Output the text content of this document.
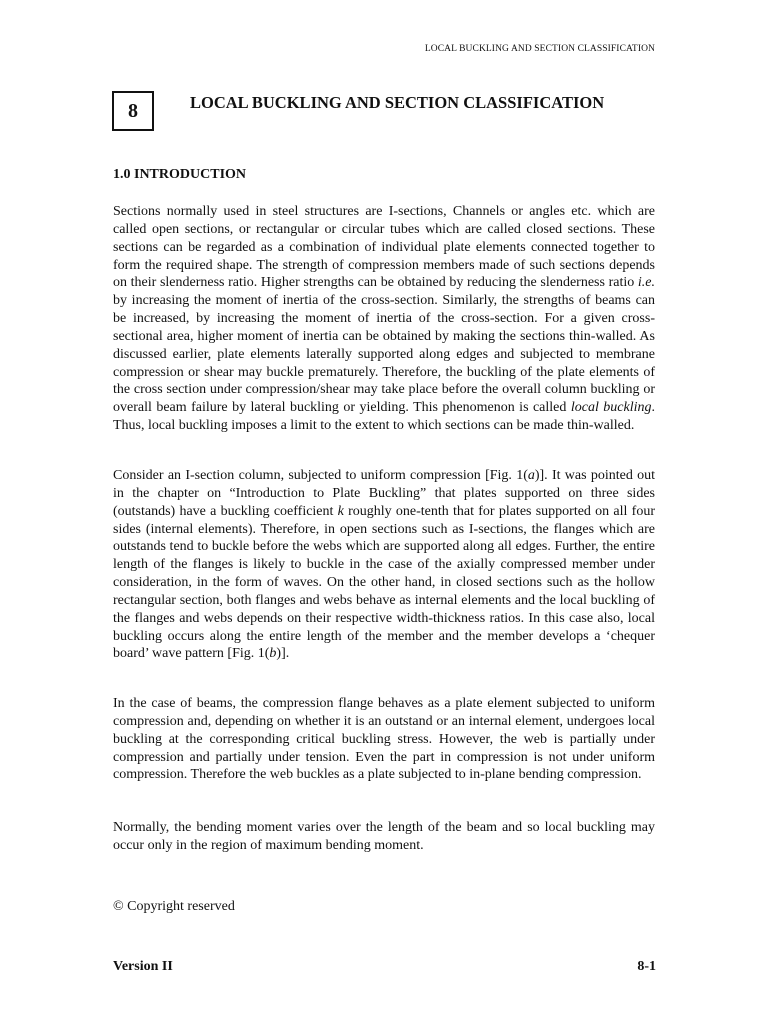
LOCAL BUCKLING AND SECTION CLASSIFICATION
8	LOCAL BUCKLING AND SECTION CLASSIFICATION
1.0 INTRODUCTION

Sections normally used in steel structures are I-sections, Channels or angles etc. which are called open sections, or rectangular or circular tubes which are called closed sections. These sections can be regarded as a combination of individual plate elements connected together to form the required shape. The strength of compression members made of such sections depends on their slenderness ratio. Higher strengths can be obtained by reducing the slenderness ratio i.e. by increasing the moment of inertia of the cross-section. Similarly, the strengths of beams can be increased, by increasing the moment of inertia of the cross-section. For a given cross-sectional area, higher moment of inertia can be obtained by making the sections thin-walled. As discussed earlier, plate elements laterally supported along edges and subjected to membrane compression or shear may buckle prematurely. Therefore, the buckling of the plate elements of the cross section under compression/shear may take place before the overall column buckling or overall beam failure by lateral buckling or yielding. This phenomenon is called local buckling. Thus, local buckling imposes a limit to the extent to which sections can be made thin-walled.

Consider an I-section column, subjected to uniform compression [Fig. 1(a)]. It was pointed out in the chapter on “Introduction to Plate Buckling” that plates supported on three sides (outstands) have a buckling coefficient k roughly one-tenth that for plates supported on all four sides (internal elements). Therefore, in open sections such as I-sections, the flanges which are outstands tend to buckle before the webs which are supported along all edges. Further, the entire length of the flanges is likely to buckle in the case of the axially compressed member under consideration, in the form of waves. On the other hand, in closed sections such as the hollow rectangular section, both flanges and webs behave as internal elements and the local buckling of the flanges and webs depends on their respective width-thickness ratios. In this case also, local buckling occurs along the entire length of the member and the member develops a ‘chequer board’ wave pattern [Fig. 1(b)].

In the case of beams, the compression flange behaves as a plate element subjected to uniform compression and, depending on whether it is an outstand or an internal element, undergoes local buckling at the corresponding critical buckling stress. However, the web is partially under compression and partially under tension. Even the part in compression is not under uniform compression. Therefore the web buckles as a plate subjected to in-plane bending compression.

Normally, the bending moment varies over the length of the beam and so local buckling may occur only in the region of maximum bending moment.

© Copyright reserved
Version II	8-1
